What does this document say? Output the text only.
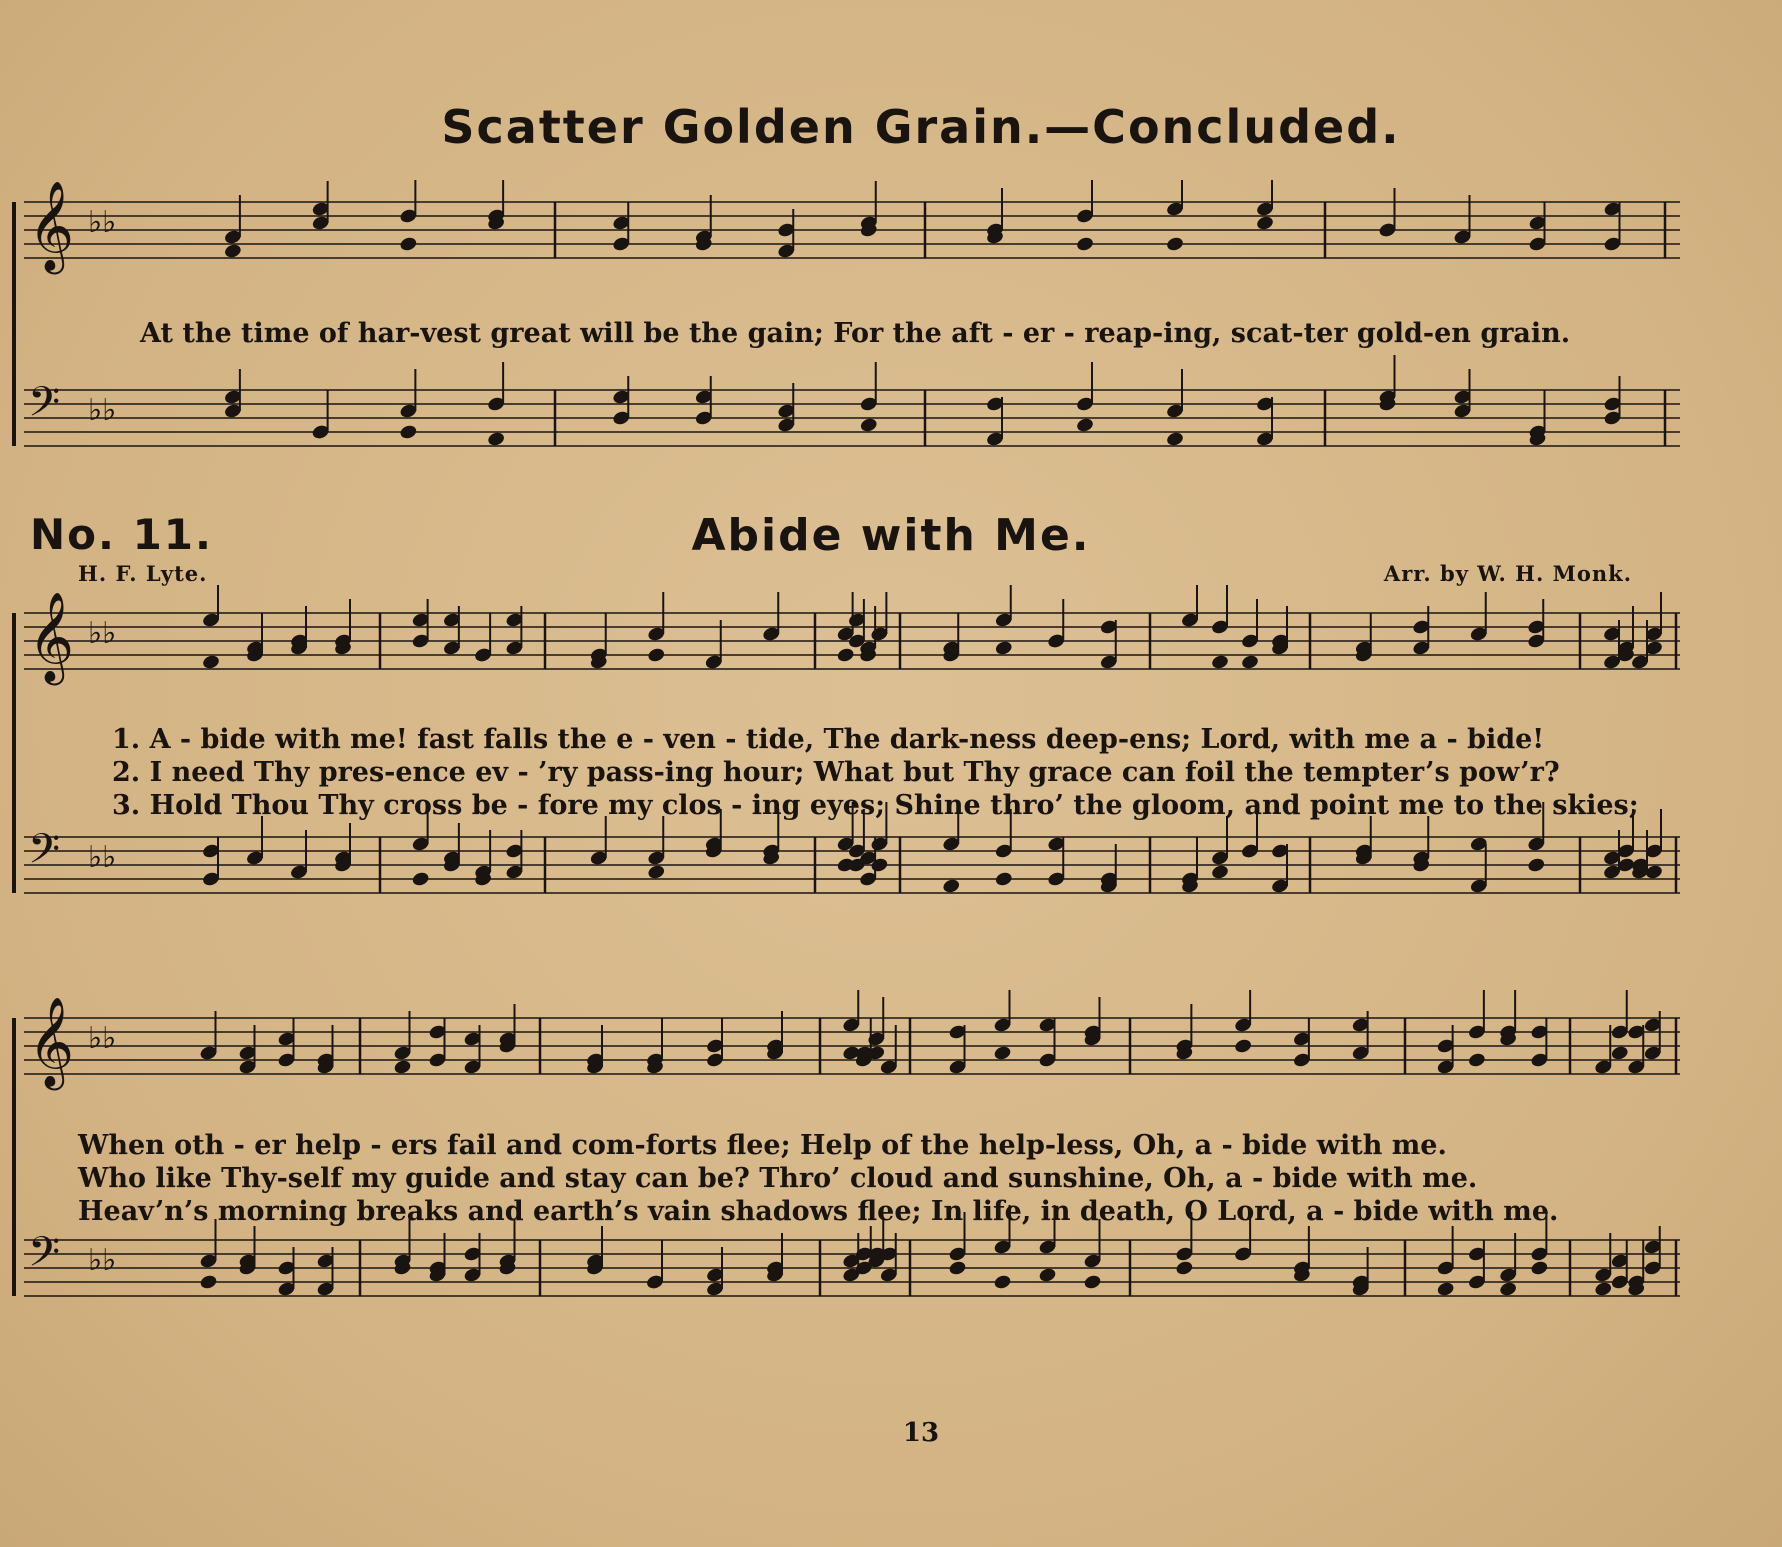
Scatter Golden Grain.—Concluded.
𝄞 ♭♭
𝄢 ♭♭
At the time of har-vest great will be the gain; For the aft - er - reap-ing, scat-ter gold-en grain.
No. 11.	Abide with Me.
H. F. Lyte.	Arr. by W. H. Monk.
𝄞 ♭♭
𝄢 ♭♭
1. A - bide with me! fast falls the e - ven - tide, The dark-ness deep-ens; Lord, with me a - bide!
2. I need Thy pres-ence ev - ’ry pass-ing hour; What but Thy grace can foil the tempter’s pow’r?
3. Hold Thou Thy cross be - fore my clos - ing eyes; Shine thro’ the gloom, and point me to the skies;
𝄞 ♭♭
𝄢 ♭♭
When oth - er help - ers fail and com-forts flee; Help of the help-less, Oh, a - bide with me.
Who like Thy-self my guide and stay can be? Thro’ cloud and sunshine, Oh, a - bide with me.
Heav’n’s morning breaks and earth’s vain shadows flee; In life, in death, O Lord, a - bide with me.
13
